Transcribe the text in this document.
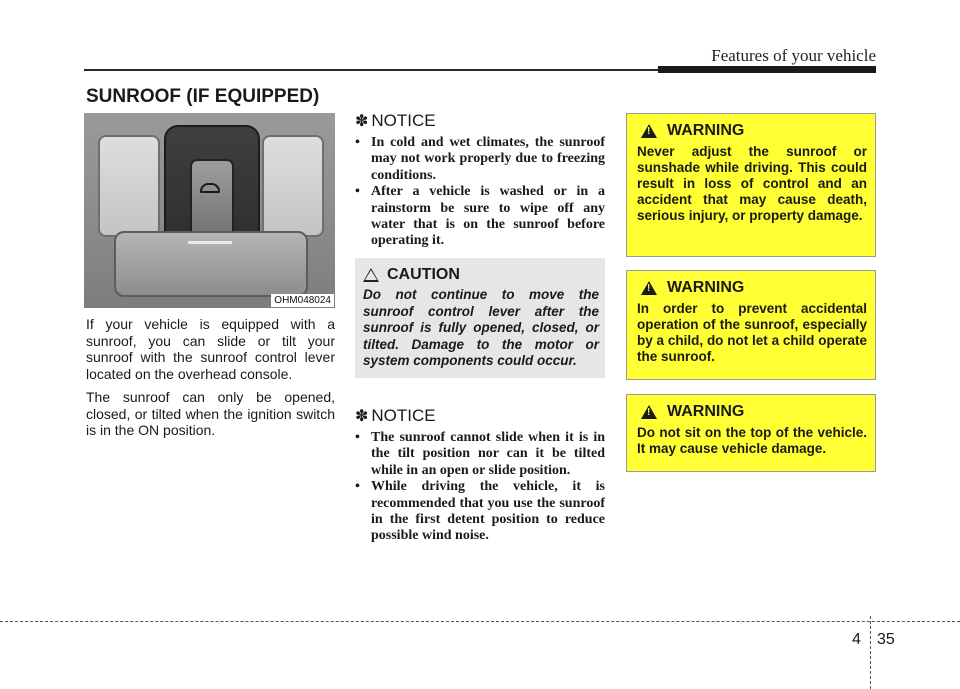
Features of your vehicle
SUNROOF (IF EQUIPPED)
OHM048024

If your vehicle is equipped with a sunroof, you can slide or tilt your sunroof with the sunroof control lever located on the overhead console.

The sunroof can only be opened, closed, or tilted when the ignition switch is in the ON position.

✽ NOTICE
• In cold and wet climates, the sunroof may not work properly due to freezing conditions.
• After a vehicle is washed or in a rainstorm be sure to wipe off any water that is on the sunroof before operating it.
CAUTION

Do not continue to move the sunroof control lever after the sunroof is fully opened, closed, or tilted. Damage to the motor or system components could occur.

✽ NOTICE
• The sunroof cannot slide when it is in the tilt position nor can it be tilted while in an open or slide position.
• While driving the vehicle, it is recommended that you use the sunroof in the first detent position to reduce possible wind noise.
!
WARNING

Never adjust the sunroof or sunshade while driving. This could result in loss of control and an accident that may cause death, serious injury, or property damage.

!
WARNING

In order to prevent accidental operation of the sunroof, especially by a child, do not let a child operate the sunroof.

!
WARNING

Do not sit on the top of the vehicle. It may cause vehicle damage.

4 35
